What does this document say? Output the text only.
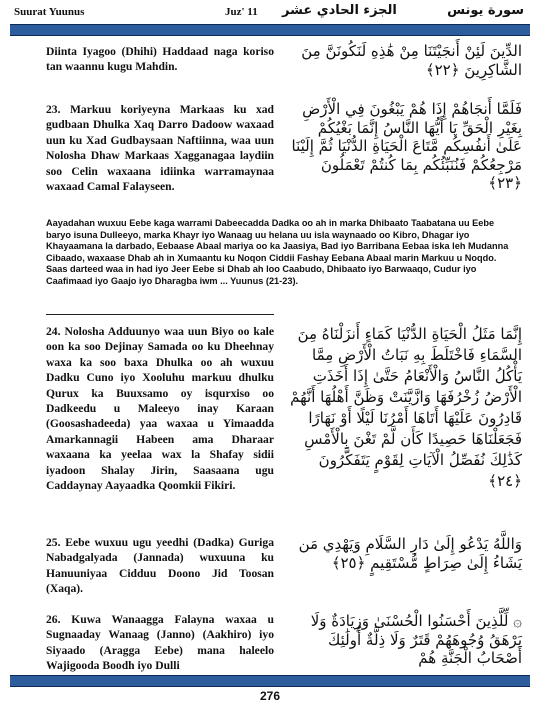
Suurat Yuunus	Juz' 11 الجزء الحادي عشر	سورة يونس

Diinta Iyagoo (Dhihi) Haddaad naga koriso tan waannu kugu Mahdin.

الدِّينَ لَئِنْ أَنجَيْتَنَا مِنْ هَٰذِهِ لَنَكُونَنَّ مِنَ الشَّاكِرِينَ ﴿٢٢﴾

23. Markuu koriyeyna Markaas ku xad gudbaan Dhulka Xaq Darro Dadoow waxaad uun ku Xad Gudbaysaan Naftiinna, waa uun Nolosha Dhaw Markaas Xagganagaa laydiin soo Celin waxaana idiinka warramaynaa waxaad Camal Falayseen.

فَلَمَّا أَنجَاهُمْ إِذَا هُمْ يَبْغُونَ فِي الْأَرْضِ بِغَيْرِ الْحَقِّ يَا أَيُّهَا النَّاسُ إِنَّمَا بَغْيُكُمْ عَلَىٰ أَنفُسِكُم مَّتَاعَ الْحَيَاةِ الدُّنْيَا ثُمَّ إِلَيْنَا مَرْجِعُكُمْ فَنُنَبِّئُكُم بِمَا كُنتُمْ تَعْمَلُونَ ﴿٢٣﴾

Aayadahan wuxuu Eebe kaga warrami Dabeecadda Dadka oo ah in marka Dhibaato Taabatana uu Eebe baryo isuna Dulleeyo, marka Khayr iyo Wanaag uu helana uu isla waynaado oo Kibro, Dhagar iyo Khayaamana la darbado, Eebaase Abaal mariya oo ka Jaasiya, Bad iyo Barribana Eebaa iska leh Mudanna Cibaado, waxaase Dhab ah in Xumaantu ku Noqon Ciddii Fashay Eebana Abaal marin Markuu u Noqdo. Saas darteed waa in had iyo Jeer Eebe si Dhab ah loo Caabudo, Dhibaato iyo Barwaaqo, Cudur iyo Caafimaad iyo Gaajo iyo Dharagba iwm ... Yuunus (21-23).

24. Nolosha Adduunyo waa uun Biyo oo kale oon ka soo Dejinay Samada oo ku Dheehnay waxa ka soo baxa Dhulka oo ah wuxuu Dadku Cuno iyo Xooluhu markuu dhulku Qurux ka Buuxsamo oy isqurxiso oo Dadkeedu u Maleeyo inay Karaan (Goosashadeeda) yaa waxaa u Yimaadda Amarkannagii Habeen ama Dharaar waxaana ka yeelaa wax la Shafay sidii iyadoon Shalay Jirin, Saasaana ugu Caddaynay Aayaadka Qoomkii Fikiri.

إِنَّمَا مَثَلُ الْحَيَاةِ الدُّنْيَا كَمَاءٍ أَنزَلْنَاهُ مِنَ السَّمَاءِ فَاخْتَلَطَ بِهِ نَبَاتُ الْأَرْضِ مِمَّا يَأْكُلُ النَّاسُ وَالْأَنْعَامُ حَتَّىٰ إِذَا أَخَذَتِ الْأَرْضُ زُخْرُفَهَا وَازَّيَّنَتْ وَظَنَّ أَهْلُهَا أَنَّهُمْ قَادِرُونَ عَلَيْهَا أَتَاهَا أَمْرُنَا لَيْلًا أَوْ نَهَارًا فَجَعَلْنَاهَا حَصِيدًا كَأَن لَّمْ تَغْنَ بِالْأَمْسِ كَذَٰلِكَ نُفَصِّلُ الْآيَاتِ لِقَوْمٍ يَتَفَكَّرُونَ ﴿٢٤﴾

25. Eebe wuxuu ugu yeedhi (Dadka) Guriga Nabadgalyada (Jannada) wuxuuna ku Hanuuniyaa Cidduu Doono Jid Toosan (Xaqa).

وَاللَّهُ يَدْعُو إِلَىٰ دَارِ السَّلَامِ وَيَهْدِي مَن يَشَاءُ إِلَىٰ صِرَاطٍ مُّسْتَقِيمٍ ﴿٢٥﴾

26. Kuwa Wanaagga Falayna waxaa u Sugnaaday Wanaag (Janno) (Aakhiro) iyo Siyaado (Aragga Eebe) mana haleelo Wajigooda Boodh iyo Dulli

۞ لِّلَّذِينَ أَحْسَنُوا الْحُسْنَىٰ وَزِيَادَةٌ وَلَا يَرْهَقُ وُجُوهَهُمْ قَتَرٌ وَلَا ذِلَّةٌ أُولَٰئِكَ أَصْحَابُ الْجَنَّةِ هُمْ

276
